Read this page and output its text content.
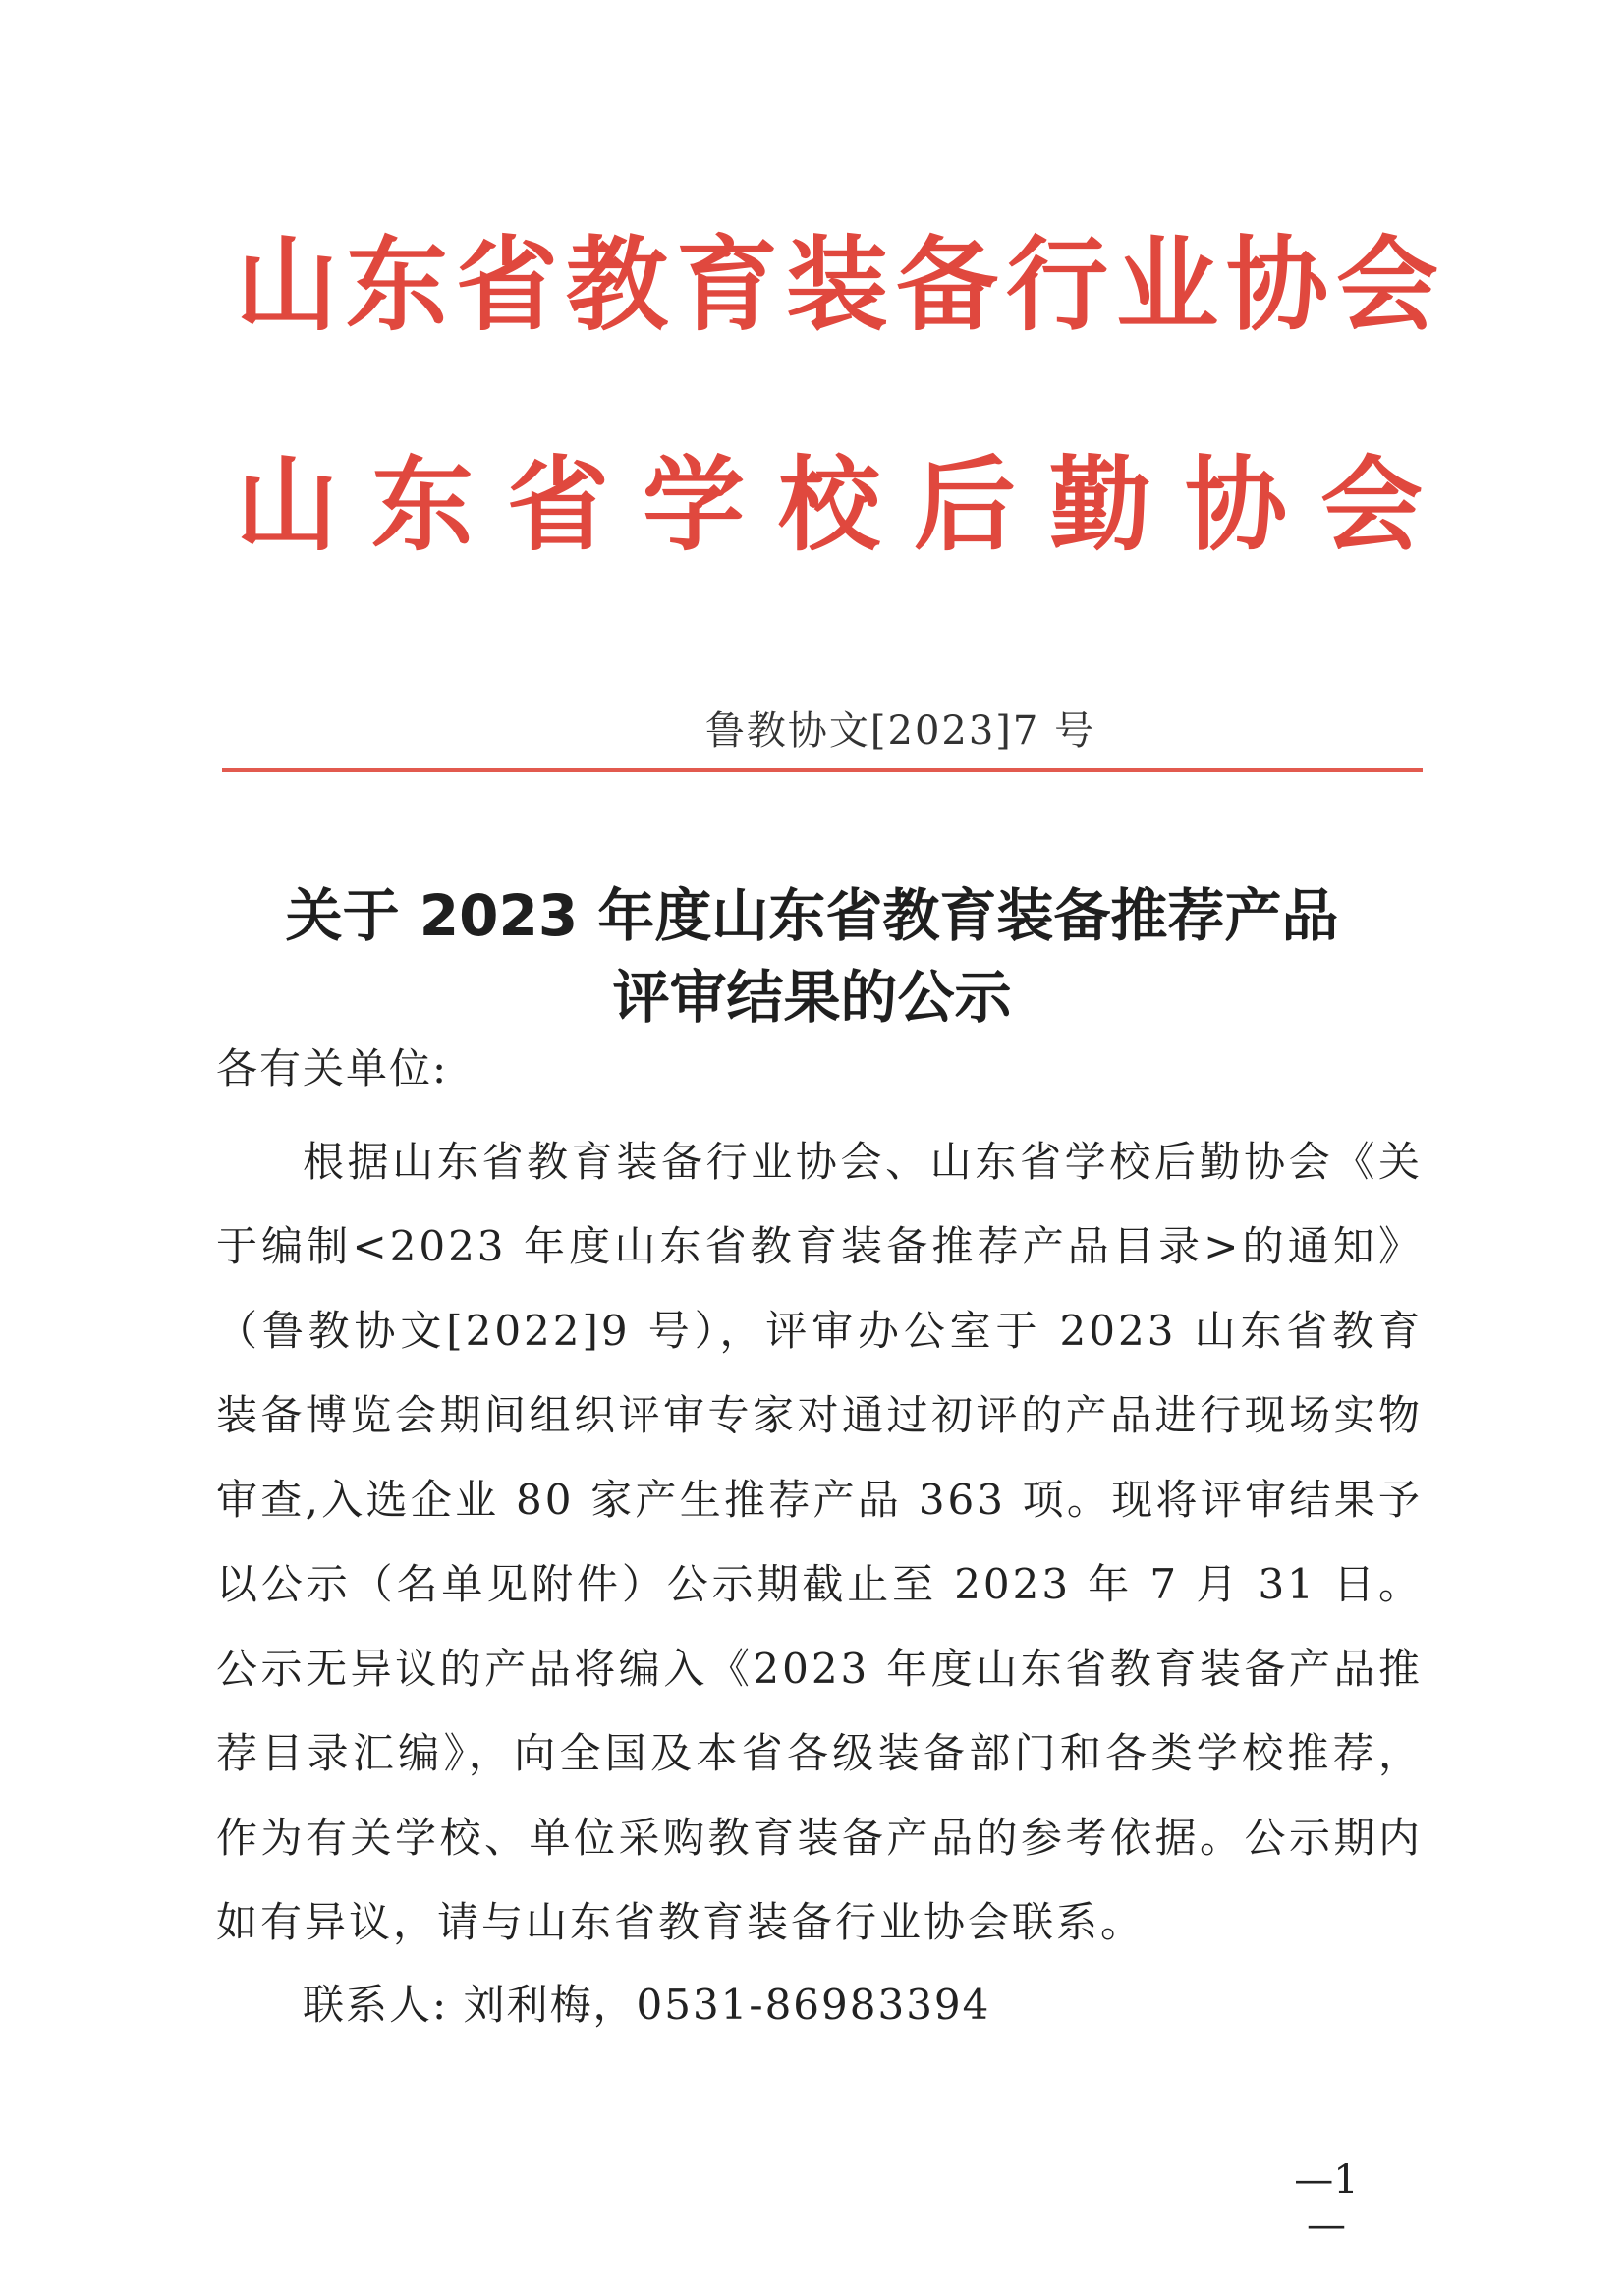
山东省教育装备行业协会
山东省学校后勤协会
鲁教协文[2023]7 号
关于 2023 年度山东省教育装备推荐产品
评审结果的公示
各有关单位:
根据山东省教育装备行业协会、山东省学校后勤协会《关于编制<2023 年度山东省教育装备推荐产品目录>的通知》（鲁教协文[2022]9 号），评审办公室于 2023 山东省教育装备博览会期间组织评审专家对通过初评的产品进行现场实物审查,入选企业 80 家产生推荐产品 363 项。现将评审结果予以公示（名单见附件）公示期截止至 2023 年 7 月 31 日。公示无异议的产品将编入《2023 年度山东省教育装备产品推荐目录汇编》，向全国及本省各级装备部门和各类学校推荐，作为有关学校、单位采购教育装备产品的参考依据。公示期内如有异议，请与山东省教育装备行业协会联系。
联系人: 刘利梅，0531-86983394
—1—
